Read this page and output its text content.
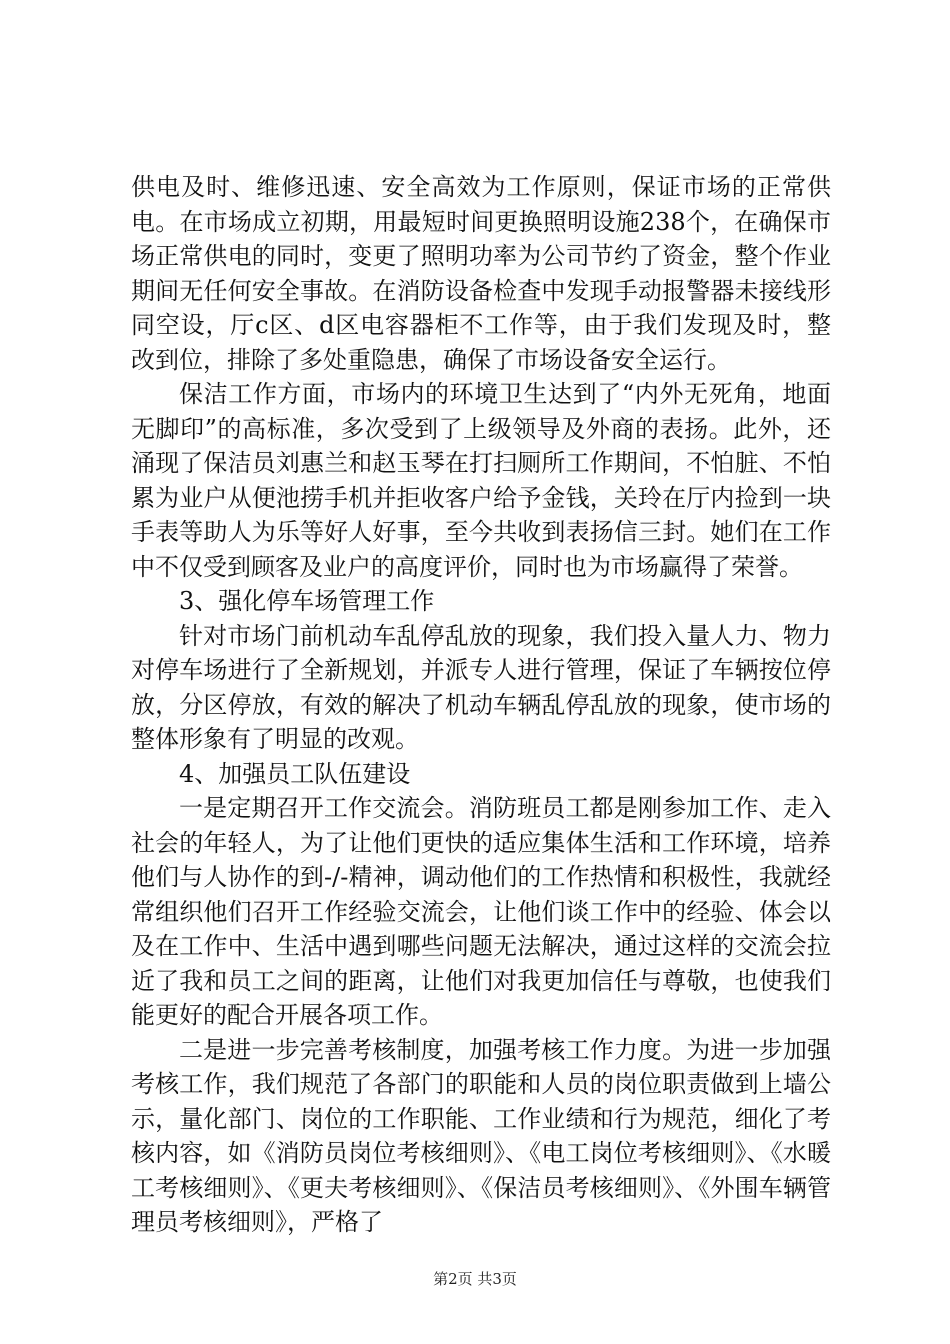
供电及时、维修迅速、安全高效为工作原则，保证市场的正常供电。在市场成立初期，用最短时间更换照明设施238个，在确保市场正常供电的同时，变更了照明功率为公司节约了资金，整个作业期间无任何安全事故。在消防设备检查中发现手动报警器未接线形同空设，厅c区、d区电容器柜不工作等，由于我们发现及时，整改到位，排除了多处重隐患，确保了市场设备安全运行。

保洁工作方面，市场内的环境卫生达到了“内外无死角，地面无脚印”的高标准，多次受到了上级领导及外商的表扬。此外，还涌现了保洁员刘惠兰和赵玉琴在打扫厕所工作期间，不怕脏、不怕累为业户从便池捞手机并拒收客户给予金钱，关玲在厅内捡到一块手表等助人为乐等好人好事，至今共收到表扬信三封。她们在工作中不仅受到顾客及业户的高度评价，同时也为市场赢得了荣誉。

3、强化停车场管理工作

针对市场门前机动车乱停乱放的现象，我们投入量人力、物力对停车场进行了全新规划，并派专人进行管理，保证了车辆按位停放，分区停放，有效的解决了机动车辆乱停乱放的现象，使市场的整体形象有了明显的改观。

4、加强员工队伍建设

一是定期召开工作交流会。消防班员工都是刚参加工作、走入社会的年轻人，为了让他们更快的适应集体生活和工作环境，培养他们与人协作的到-/-精神，调动他们的工作热情和积极性，我就经常组织他们召开工作经验交流会，让他们谈工作中的经验、体会以及在工作中、生活中遇到哪些问题无法解决，通过这样的交流会拉近了我和员工之间的距离，让他们对我更加信任与尊敬，也使我们能更好的配合开展各项工作。

二是进一步完善考核制度，加强考核工作力度。为进一步加强考核工作，我们规范了各部门的职能和人员的岗位职责做到上墙公示，量化部门、岗位的工作职能、工作业绩和行为规范，细化了考核内容，如《消防员岗位考核细则》、《电工岗位考核细则》、《水暖工考核细则》、《更夫考核细则》、《保洁员考核细则》、《外围车辆管理员考核细则》，严格了

第2页 共3页
